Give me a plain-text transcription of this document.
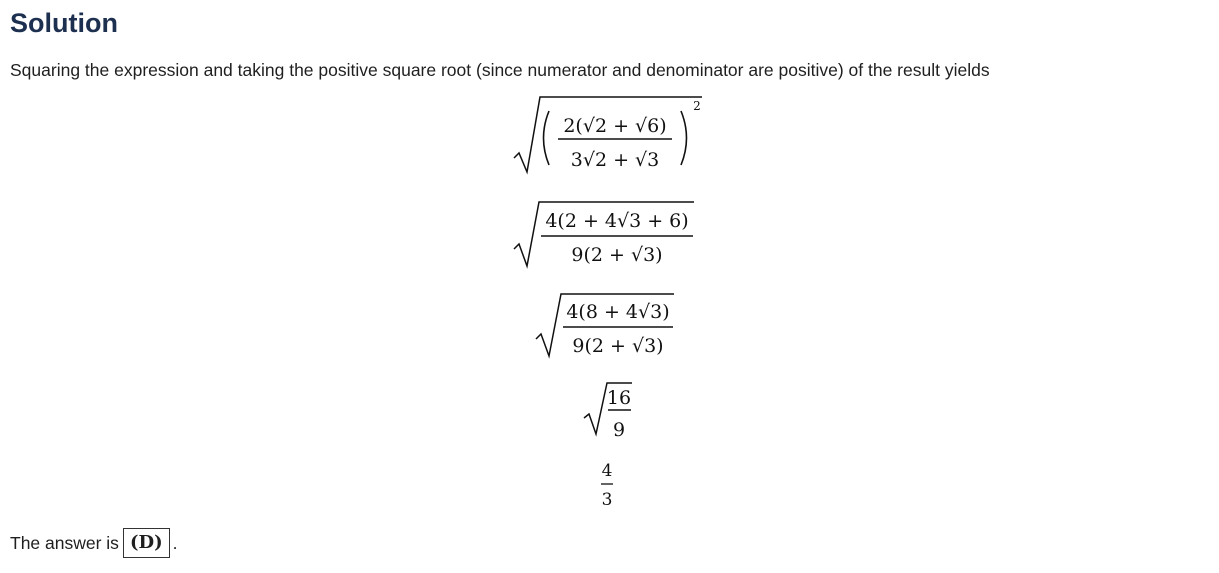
Solution

Squaring the expression and taking the positive square root (since numerator and denominator are positive) of the result yields

2(√2 + √6)
3√2 + √3
2
4(2 + 4√3 + 6)
9(2 + √3)
4(8 + 4√3)
9(2 + √3)
16
9
4
3
The answer is (D) .
